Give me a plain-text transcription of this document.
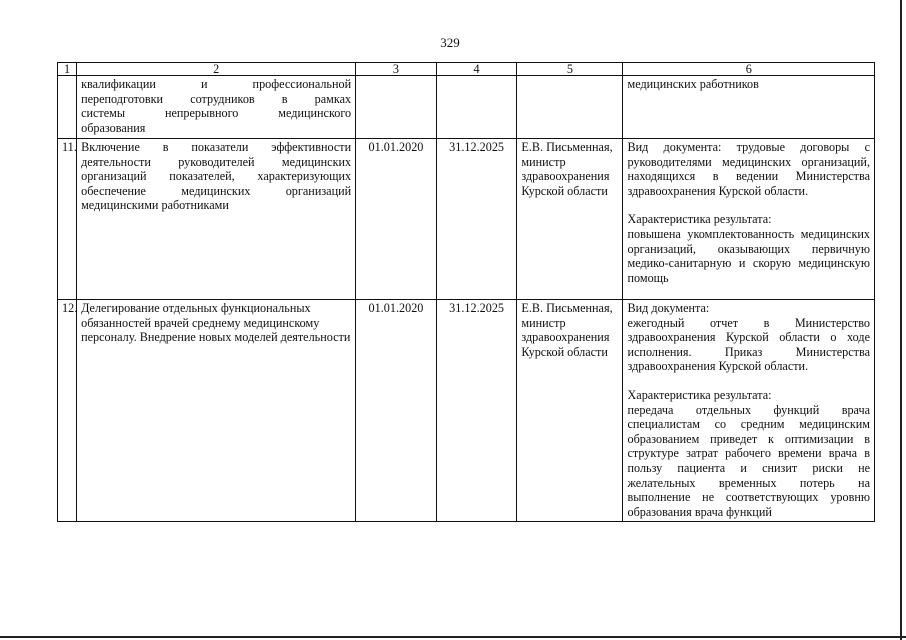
329
1	2	3	4	5	6

	квалификации и профессиональной
переподготовки сотрудников в рамках
системы непрерывного медицинского
образования				медицинских работников

11.	Включение в показатели эффективности деятельности руководителей медицинских организаций показателей, характеризующих обеспечение медицинских организаций медицинскими работниками	01.01.2020	31.12.2025	Е.В. Письменная, министр здравоохранения Курской области	Вид документа: трудовые договоры с руководителями медицинских организаций, находящихся в ведении Министерства здравоохранения Курской области.
Характеристика результата:
повышена укомплектованность медицинских организаций, оказывающих первичную медико-санитарную и скорую медицинскую помощь

12.	Делегирование отдельных функциональных обязанностей врачей среднему медицинскому персоналу. Внедрение новых моделей деятельности	01.01.2020	31.12.2025	Е.В. Письменная, министр здравоохранения Курской области	Вид документа:
ежегодный отчет в Министерство здравоохранения Курской области о ходе исполнения. Приказ Министерства здравоохранения Курской области.
Характеристика результата:
передача отдельных функций врача специалистам со средним медицинским образованием приведет к оптимизации в структуре затрат рабочего времени врача в пользу пациента и снизит риски не желательных временных потерь на выполнение не соответствующих уровню образования врача функций
